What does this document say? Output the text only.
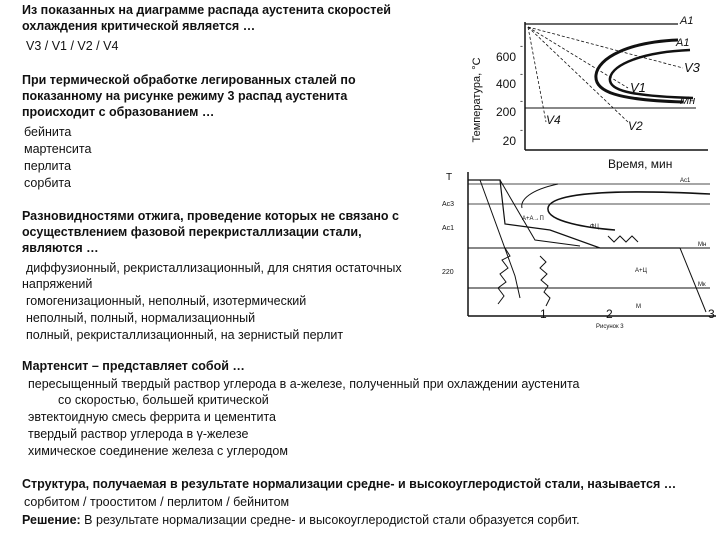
Из показанных на диаграмме распада аустенита скоростей
охлаждения критической является …
V3 / V1 / V2 / V4
При термической обработке легированных сталей по
показанному на рисунке режиму 3 распад аустенита
происходит с образованием …
бейнита
мартенсита
перлита
сорбита
Разновидностями отжига, проведение которых не связано с
осуществлением фазовой перекристаллизации стали,
являются …
диффузионный, рекристаллизационный, для снятия остаточных
напряжений
гомогенизационный, неполный, изотермический
неполный, полный, нормализационный
полный, рекристаллизационный, на зернистый перлит
Мартенсит – представляет собой …
пересыщенный твердый раствор углерода в a-железе, полученный при охлаждении аустенита
со скоростью, большей критической
эвтектоидную смесь феррита и цементита
твердый раствор углерода в γ-железе
химическое соединение железа с углеродом
Структура, получаемая в результате нормализации средне- и высокоуглеродистой стали, называется …
сорбитом / трооститом / перлитом / бейнитом
Решение: В результате нормализации средне- и высокоуглеродистой стали образуется сорбит.
Температура, °C
600
400
200
20
-
-
-
-
A1
Mн
V3
V1
V2
V4
A1
Время, мин
T
Ac3
Ac1
220
Ac1
A+A→П
ФЦ
Mн
A+Ц
Mк
M
1	2	3
Рисунок 3
